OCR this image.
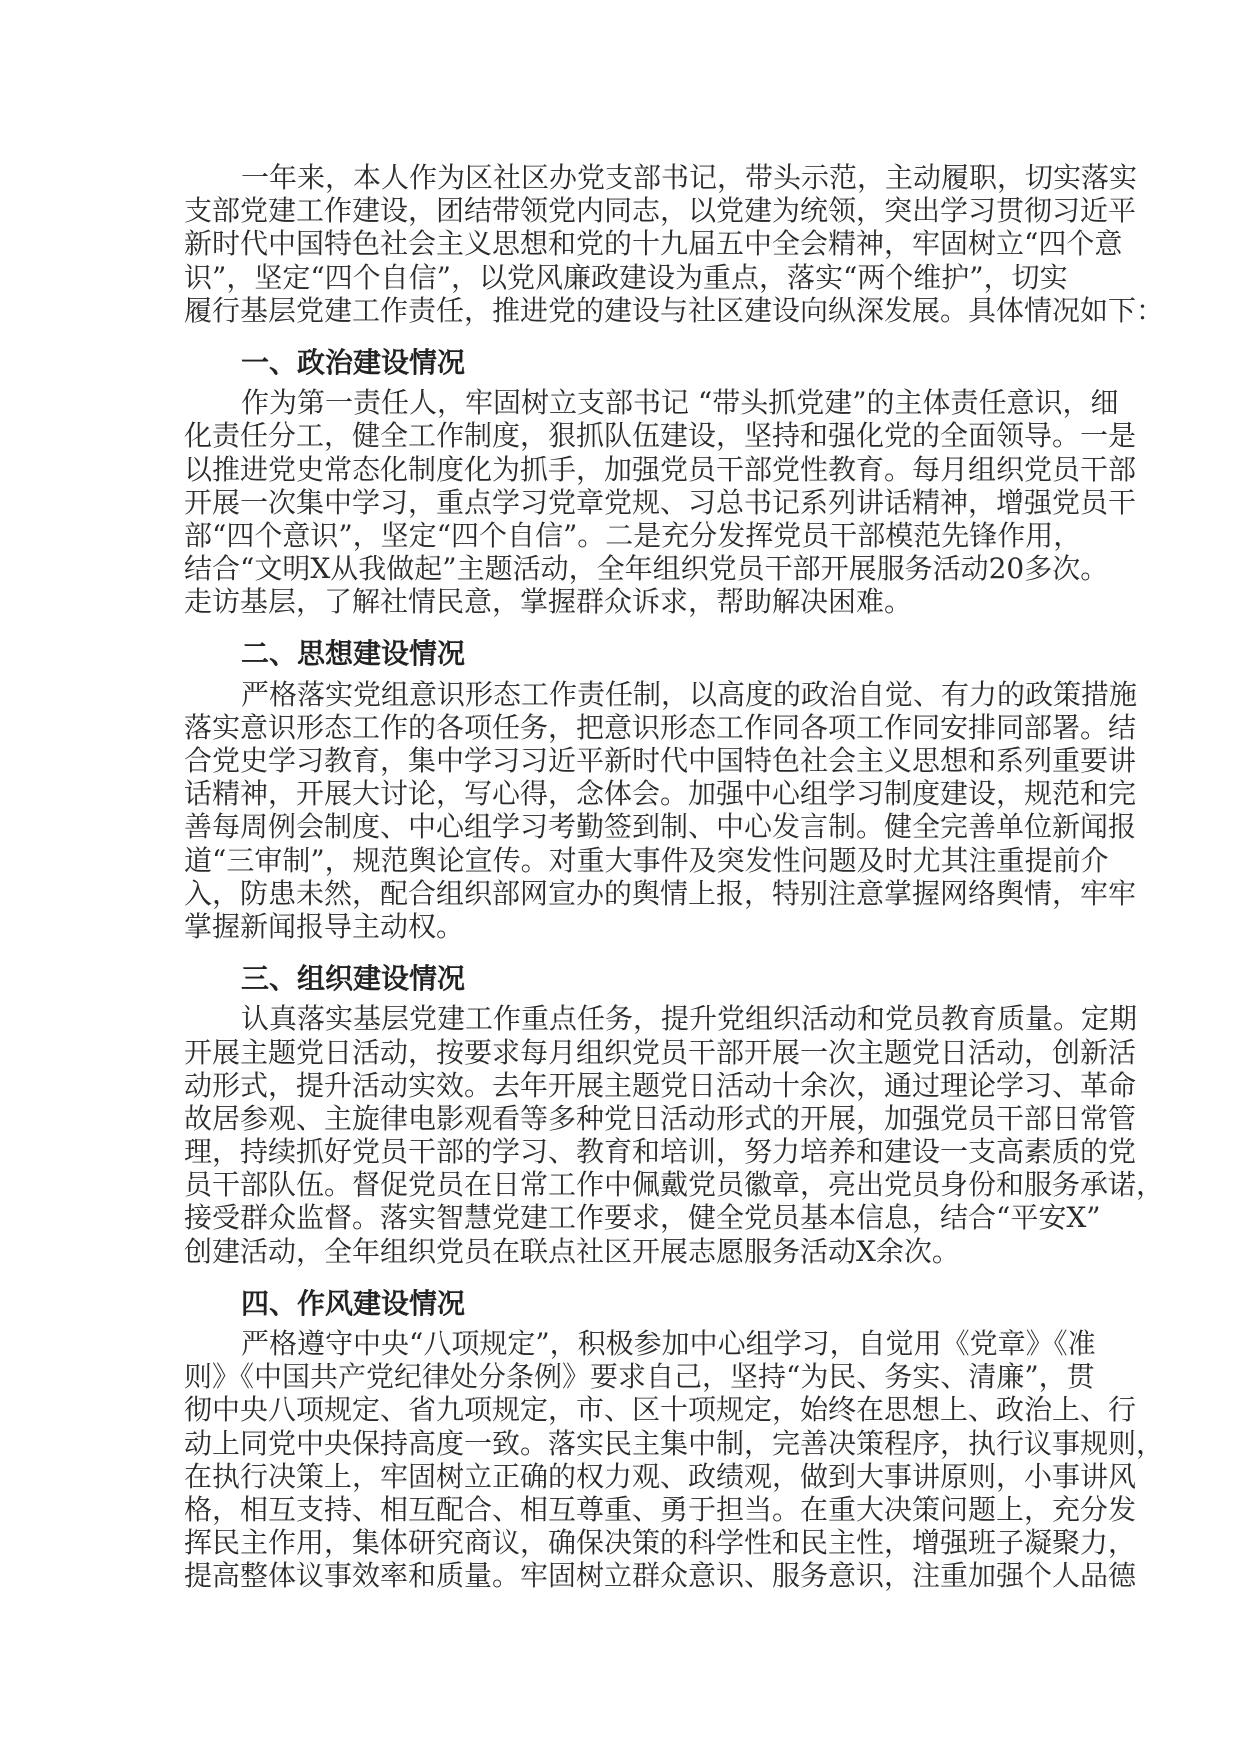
一年来，本人作为区社区办党支部书记，带头示范，主动履职，切实落实
支部党建工作建设，团结带领党内同志，以党建为统领，突出学习贯彻习近平
新时代中国特色社会主义思想和党的十九届五中全会精神，牢固树立“四个意
识”，坚定“四个自信”，以党风廉政建设为重点，落实“两个维护”，切实
履行基层党建工作责任，推进党的建设与社区建设向纵深发展。具体情况如下：
一、政治建设情况
作为第一责任人，牢固树立支部书记 “带头抓党建”的主体责任意识，细
化责任分工，健全工作制度，狠抓队伍建设，坚持和强化党的全面领导。一是
以推进党史常态化制度化为抓手，加强党员干部党性教育。每月组织党员干部
开展一次集中学习，重点学习党章党规、习总书记系列讲话精神，增强党员干
部“四个意识”，坚定“四个自信”。二是充分发挥党员干部模范先锋作用，
结合“文明X从我做起”主题活动，全年组织党员干部开展服务活动20多次。
走访基层，了解社情民意，掌握群众诉求，帮助解决困难。
二、思想建设情况
严格落实党组意识形态工作责任制，以高度的政治自觉、有力的政策措施
落实意识形态工作的各项任务，把意识形态工作同各项工作同安排同部署。结
合党史学习教育，集中学习习近平新时代中国特色社会主义思想和系列重要讲
话精神，开展大讨论，写心得，念体会。加强中心组学习制度建设，规范和完
善每周例会制度、中心组学习考勤签到制、中心发言制。健全完善单位新闻报
道“三审制”，规范舆论宣传。对重大事件及突发性问题及时尤其注重提前介
入，防患未然，配合组织部网宣办的舆情上报，特别注意掌握网络舆情，牢牢
掌握新闻报导主动权。
三、组织建设情况
认真落实基层党建工作重点任务，提升党组织活动和党员教育质量。定期
开展主题党日活动，按要求每月组织党员干部开展一次主题党日活动，创新活
动形式，提升活动实效。去年开展主题党日活动十余次，通过理论学习、革命
故居参观、主旋律电影观看等多种党日活动形式的开展，加强党员干部日常管
理，持续抓好党员干部的学习、教育和培训，努力培养和建设一支高素质的党
员干部队伍。督促党员在日常工作中佩戴党员徽章，亮出党员身份和服务承诺，
接受群众监督。落实智慧党建工作要求，健全党员基本信息，结合“平安X”
创建活动，全年组织党员在联点社区开展志愿服务活动X余次。
四、作风建设情况
严格遵守中央“八项规定”，积极参加中心组学习，自觉用《党章》《准
则》《中国共产党纪律处分条例》要求自己，坚持“为民、务实、清廉”，贯
彻中央八项规定、省九项规定，市、区十项规定，始终在思想上、政治上、行
动上同党中央保持高度一致。落实民主集中制，完善决策程序，执行议事规则，
在执行决策上，牢固树立正确的权力观、政绩观，做到大事讲原则，小事讲风
格，相互支持、相互配合、相互尊重、勇于担当。在重大决策问题上，充分发
挥民主作用，集体研究商议，确保决策的科学性和民主性，增强班子凝聚力，
提高整体议事效率和质量。牢固树立群众意识、服务意识，注重加强个人品德
